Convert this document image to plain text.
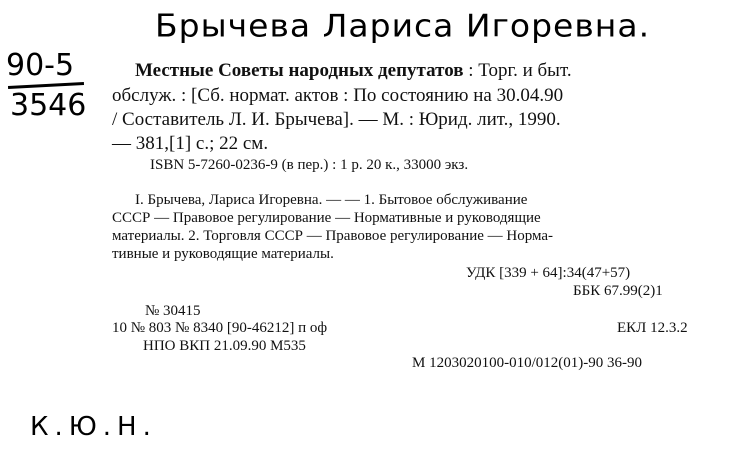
Брычева Лариса Игоревна.
90-5
3546
Местные Советы народных депутатов : Торг. и быт.
обслуж. : [Сб. нормат. актов : По состоянию на 30.04.90
/ Составитель Л. И. Брычева]. — М. : Юрид. лит., 1990.
— 381,[1] с.; 22 см.
ISBN 5-7260-0236-9 (в пер.) : 1 р. 20 к., 33000 экз.
I. Брычева, Лариса Игоревна. — — 1. Бытовое обслуживание
СССР — Правовое регулирование — Нормативные и руководящие
материалы. 2. Торговля СССР — Правовое регулирование — Норма-
тивные и руководящие материалы.
УДК [339 + 64]:34(47+57)
ББК 67.99(2)1
№ 30415
10 № 803 № 8340 [90-46212] п оф	ЕКЛ 12.3.2
НПО ВКП 21.09.90 М535
М 1203020100-010/012(01)-90 36-90
К.Ю.Н.
